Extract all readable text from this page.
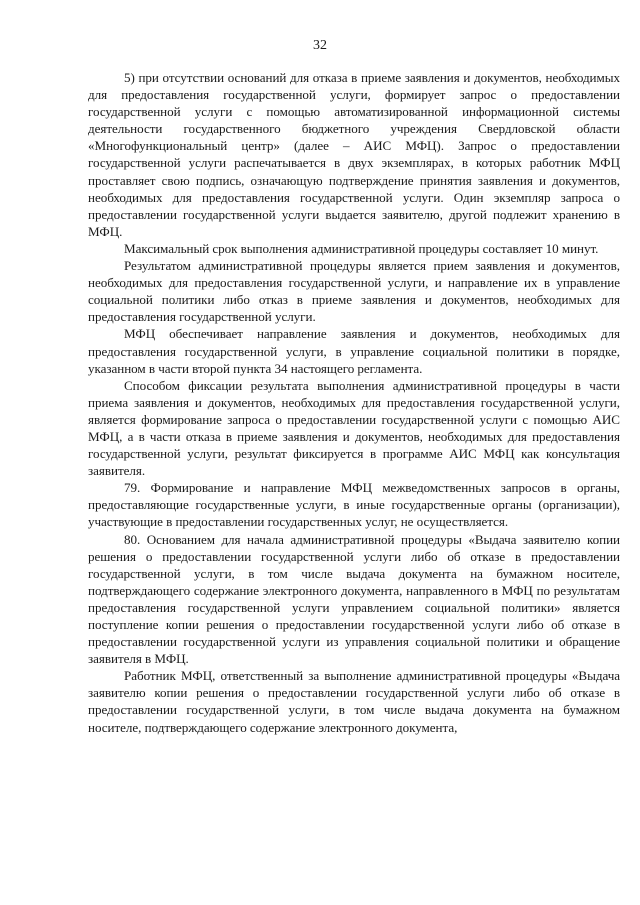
32

5) при отсутствии оснований для отказа в приеме заявления и документов, необходимых для предоставления государственной услуги, формирует запрос о предоставлении государственной услуги с помощью автоматизированной информационной системы деятельности государственного бюджетного учреждения Свердловской области «Многофункциональный центр» (далее – АИС МФЦ). Запрос о предоставлении государственной услуги распечатывается в двух экземплярах, в которых работник МФЦ проставляет свою подпись, означающую подтверждение принятия заявления и документов, необходимых для предоставления государственной услуги. Один экземпляр запроса о предоставлении государственной услуги выдается заявителю, другой подлежит хранению в МФЦ.

Максимальный срок выполнения административной процедуры составляет 10 минут.

Результатом административной процедуры является прием заявления и документов, необходимых для предоставления государственной услуги, и направление их в управление социальной политики либо отказ в приеме заявления и документов, необходимых для предоставления государственной услуги.

МФЦ обеспечивает направление заявления и документов, необходимых для предоставления государственной услуги, в управление социальной политики в порядке, указанном в части второй пункта 34 настоящего регламента.

Способом фиксации результата выполнения административной процедуры в части приема заявления и документов, необходимых для предоставления государственной услуги, является формирование запроса о предоставлении государственной услуги с помощью АИС МФЦ, а в части отказа в приеме заявления и документов, необходимых для предоставления государственной услуги, результат фиксируется в программе АИС МФЦ как консультация заявителя.

79. Формирование и направление МФЦ межведомственных запросов в органы, предоставляющие государственные услуги, в иные государственные органы (организации), участвующие в предоставлении государственных услуг, не осуществляется.

80. Основанием для начала административной процедуры «Выдача заявителю копии решения о предоставлении государственной услуги либо об отказе в предоставлении государственной услуги, в том числе выдача документа на бумажном носителе, подтверждающего содержание электронного документа, направленного в МФЦ по результатам предоставления государственной услуги управлением социальной политики» является поступление копии решения о предоставлении государственной услуги либо об отказе в предоставлении государственной услуги из управления социальной политики и обращение заявителя в МФЦ.

Работник МФЦ, ответственный за выполнение административной процедуры «Выдача заявителю копии решения о предоставлении государственной услуги либо об отказе в предоставлении государственной услуги, в том числе выдача документа на бумажном носителе, подтверждающего содержание электронного документа,
